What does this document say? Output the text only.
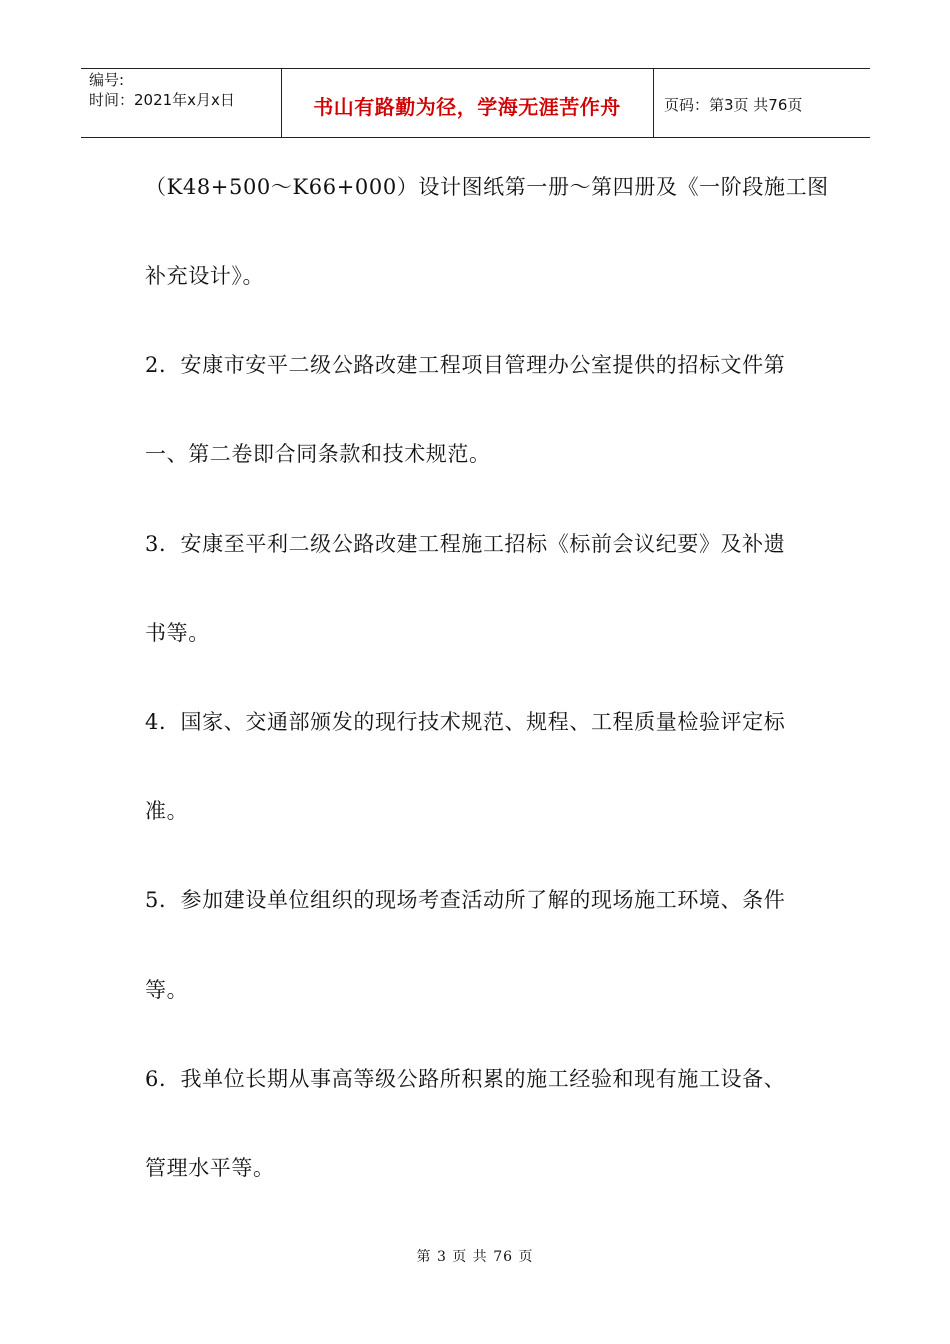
编号:
时间：2021年x月x日	书山有路勤为径，学海无涯苦作舟	页码：第3页 共76页
（K48+500～K66+000）设计图纸第一册～第四册及《一阶段施工图
补充设计》。
2．安康市安平二级公路改建工程项目管理办公室提供的招标文件第
一、第二卷即合同条款和技术规范。
3．安康至平利二级公路改建工程施工招标《标前会议纪要》及补遗
书等。
4．国家、交通部颁发的现行技术规范、规程、工程质量检验评定标
准。
5．参加建设单位组织的现场考查活动所了解的现场施工环境、条件
等。
6．我单位长期从事高等级公路所积累的施工经验和现有施工设备、
管理水平等。
第 3 页 共 76 页
